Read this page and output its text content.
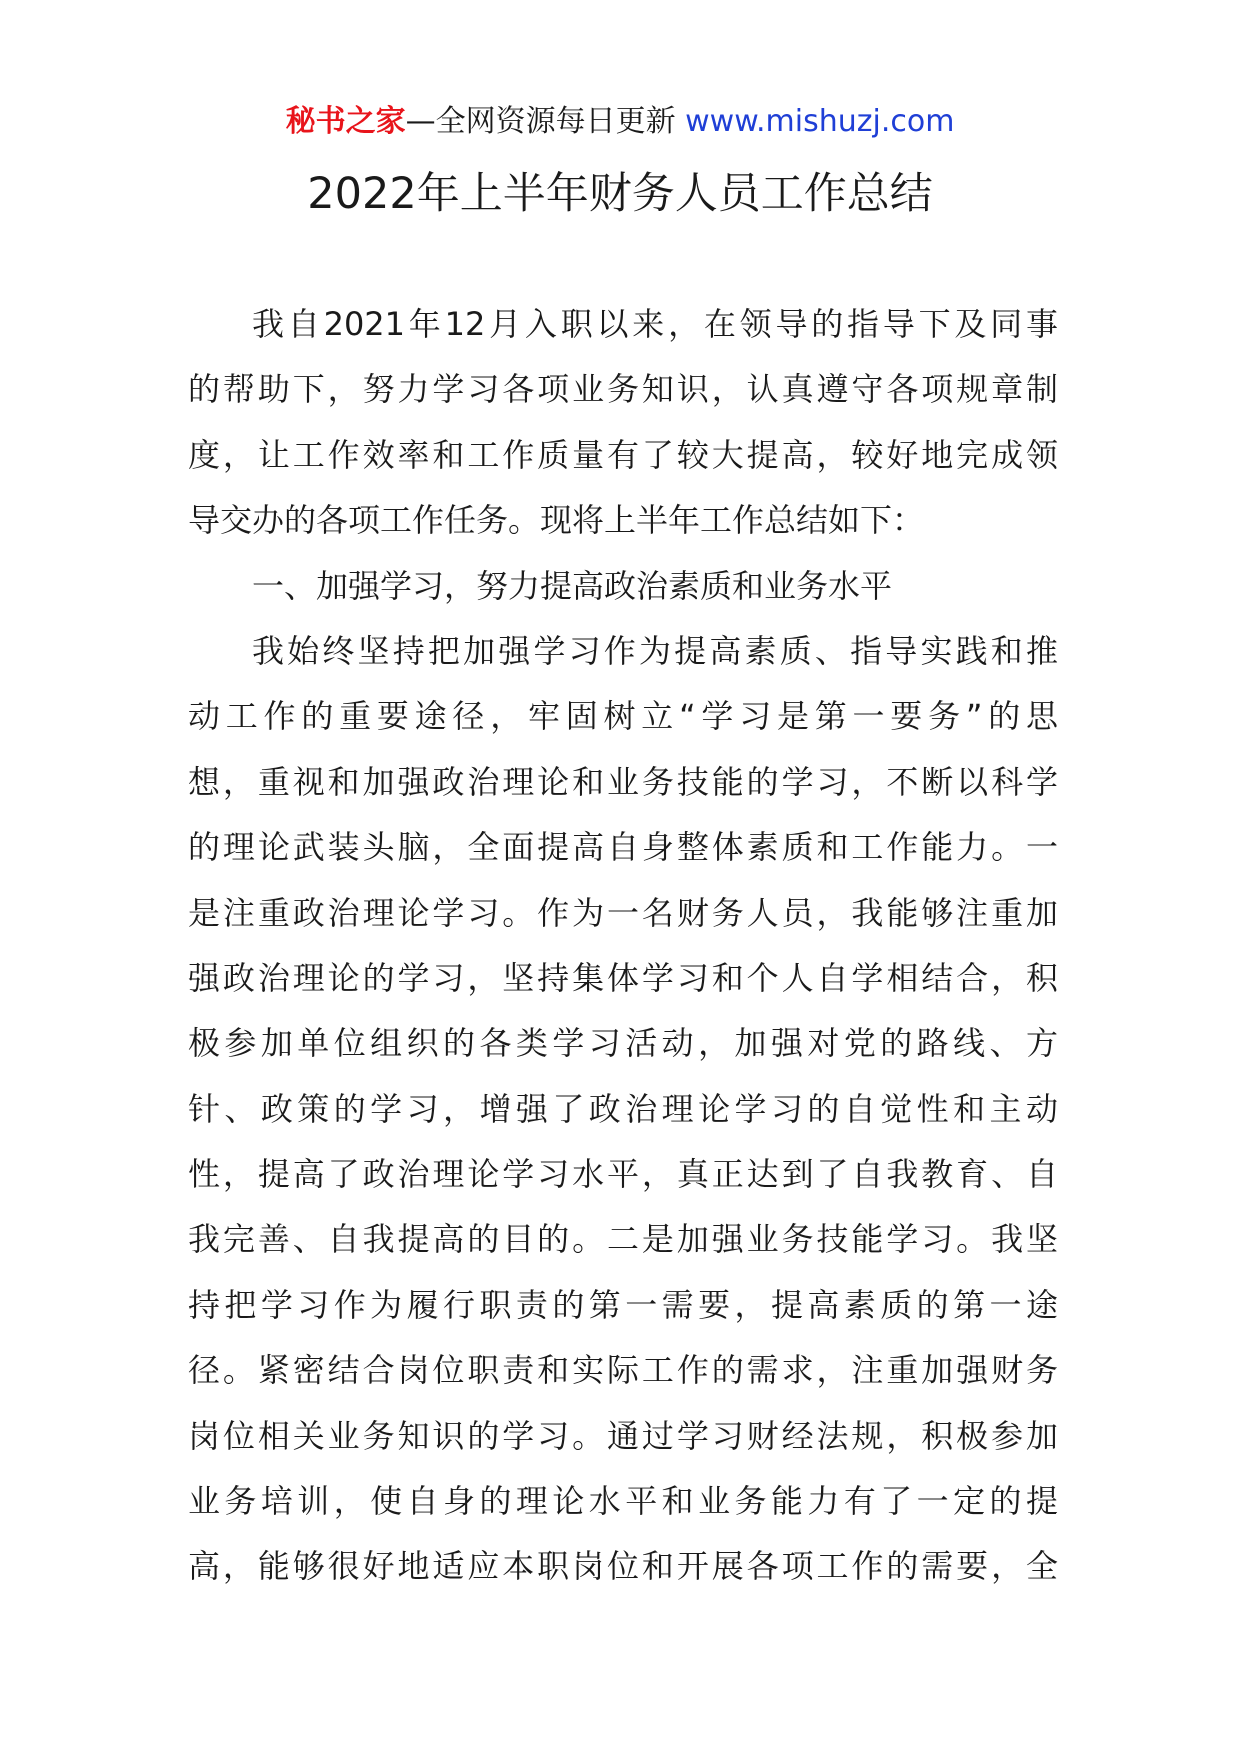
秘书之家—全网资源每日更新 www.mishuzj.com
2022年上半年财务人员工作总结
我自2021年12月入职以来，在领导的指导下及同事
的帮助下，努力学习各项业务知识，认真遵守各项规章制
度，让工作效率和工作质量有了较大提高，较好地完成领
导交办的各项工作任务。现将上半年工作总结如下：
一、加强学习，努力提高政治素质和业务水平
我始终坚持把加强学习作为提高素质、指导实践和推
动工作的重要途径，牢固树立“学习是第一要务”的思
想，重视和加强政治理论和业务技能的学习，不断以科学
的理论武装头脑，全面提高自身整体素质和工作能力。一
是注重政治理论学习。作为一名财务人员，我能够注重加
强政治理论的学习，坚持集体学习和个人自学相结合，积
极参加单位组织的各类学习活动，加强对党的路线、方
针、政策的学习，增强了政治理论学习的自觉性和主动
性，提高了政治理论学习水平，真正达到了自我教育、自
我完善、自我提高的目的。二是加强业务技能学习。我坚
持把学习作为履行职责的第一需要，提高素质的第一途
径。紧密结合岗位职责和实际工作的需求，注重加强财务
岗位相关业务知识的学习。通过学习财经法规，积极参加
业务培训，使自身的理论水平和业务能力有了一定的提
高，能够很好地适应本职岗位和开展各项工作的需要，全
